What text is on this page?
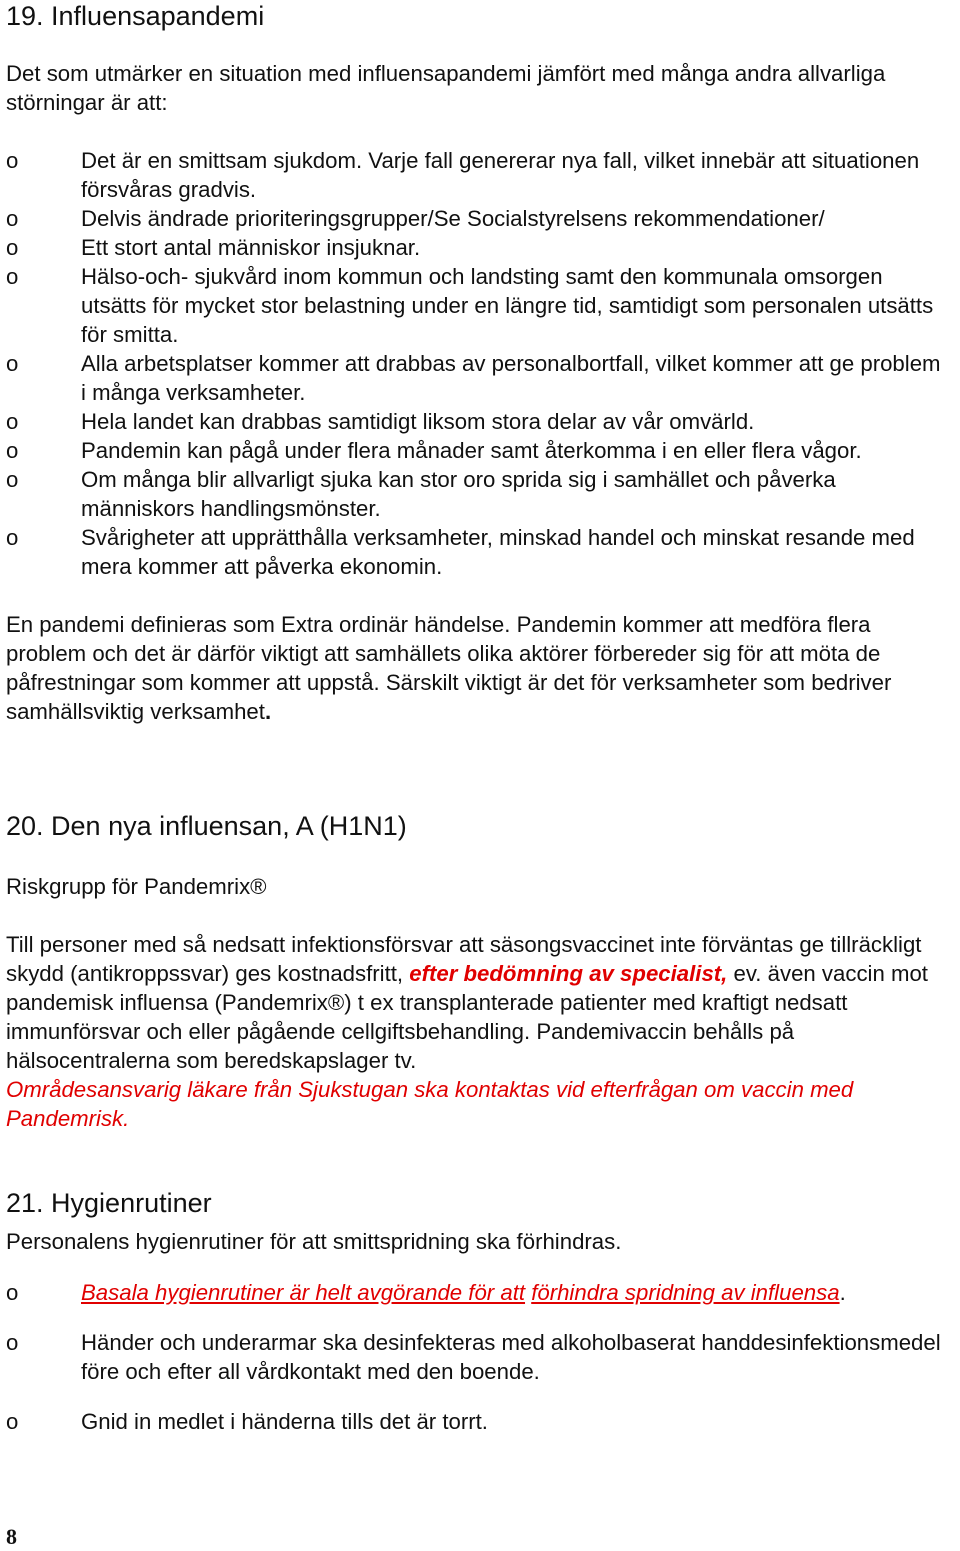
19. Influensapandemi

Det som utmärker en situation med influensapandemi jämfört med många andra allvarliga störningar är att:

o	Det är en smittsam sjukdom. Varje fall genererar nya fall, vilket innebär att situationen försvåras gradvis.
o	Delvis ändrade prioriteringsgrupper/Se Socialstyrelsens rekommendationer/
o	Ett stort antal människor insjuknar.
o	Hälso-och- sjukvård inom kommun och landsting samt den kommunala omsorgen utsätts för mycket stor belastning under en längre tid, samtidigt som personalen utsätts för smitta.
o	Alla arbetsplatser kommer att drabbas av personalbortfall, vilket kommer att ge problem i många verksamheter.
o	Hela landet kan drabbas samtidigt liksom stora delar av vår omvärld.
o	Pandemin kan pågå under flera månader samt återkomma i en eller flera vågor.
o	Om många blir allvarligt sjuka kan stor oro sprida sig i samhället och påverka människors handlingsmönster.
o	Svårigheter att upprätthålla verksamheter, minskad handel och minskat resande med mera kommer att påverka ekonomin.

En pandemi definieras som Extra ordinär händelse. Pandemin kommer att medföra flera problem och det är därför viktigt att samhällets olika aktörer förbereder sig för att möta de påfrestningar som kommer att uppstå. Särskilt viktigt är det för verksamheter som bedriver samhällsviktig verksamhet.

20. Den nya influensan, A (H1N1)

Riskgrupp för Pandemrix®

Till personer med så nedsatt infektionsförsvar att säsongsvaccinet inte förväntas ge tillräckligt skydd (antikroppssvar) ges kostnadsfritt, efter bedömning av specialist, ev. även vaccin mot pandemisk influensa (Pandemrix®) t ex transplanterade patienter med kraftigt nedsatt immunförsvar och eller pågående cellgiftsbehandling. Pandemivaccin behålls på hälsocentralerna som beredskapslager tv.

Områdesansvarig läkare från Sjukstugan ska kontaktas vid efterfrågan om vaccin med Pandemrisk.

21. Hygienrutiner

Personalens hygienrutiner för att smittspridning ska förhindras.

o	Basala hygienrutiner är helt avgörande för att förhindra spridning av influensa.
o	Händer och underarmar ska desinfekteras med alkoholbaserat handdesinfektionsmedel före och efter all vårdkontakt med den boende.
o	Gnid in medlet i händerna tills det är torrt.
8
